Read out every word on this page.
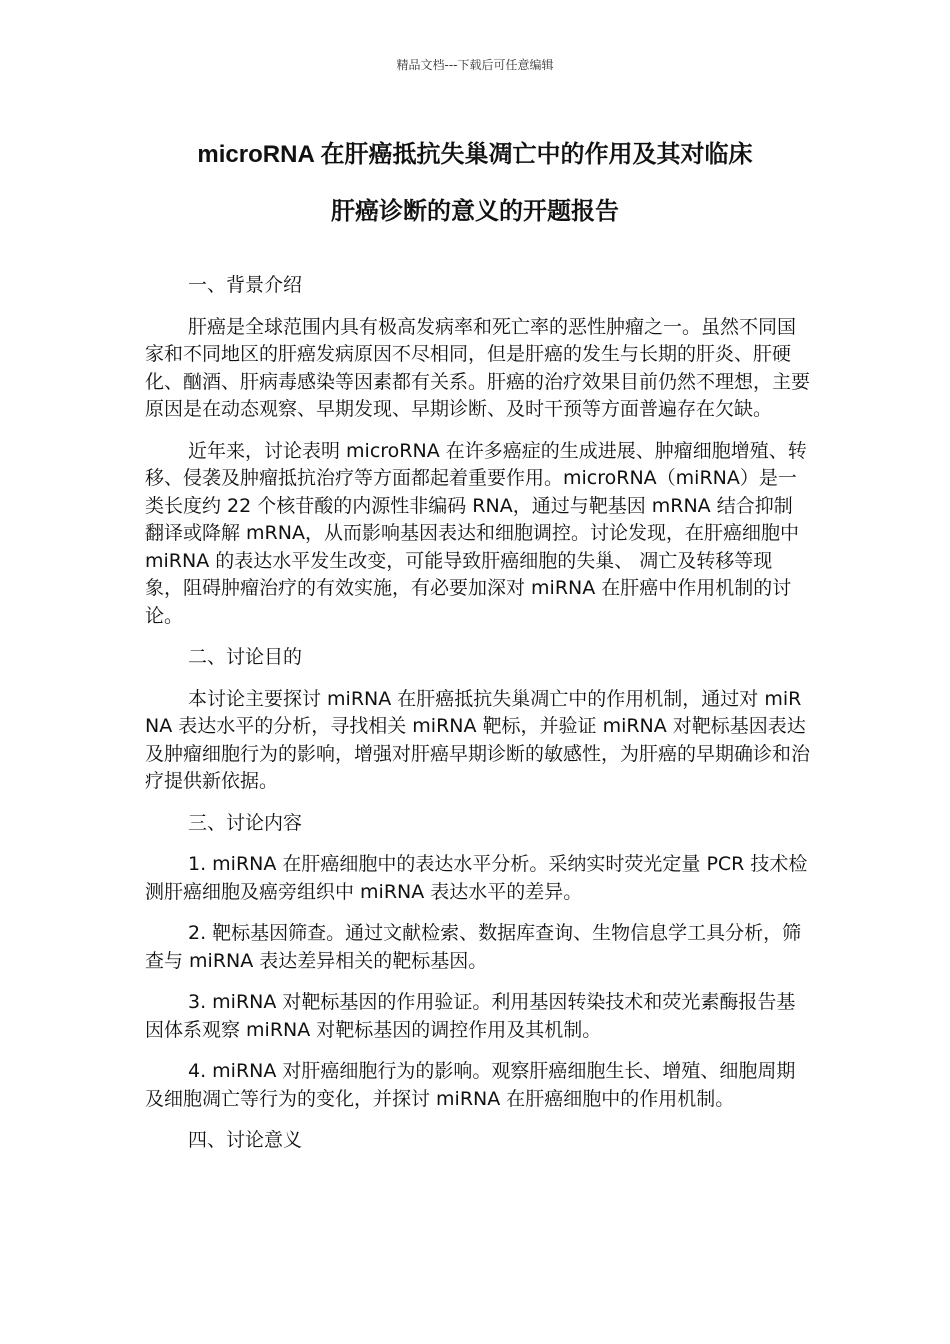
精品文档---下载后可任意编辑
microRNA 在肝癌抵抗失巢凋亡中的作用及其对临床
肝癌诊断的意义的开题报告

一、背景介绍

肝癌是全球范围内具有极高发病率和死亡率的恶性肿瘤之一。虽然不同国家和不同地区的肝癌发病原因不尽相同，但是肝癌的发生与长期的肝炎、肝硬化、酗酒、肝病毒感染等因素都有关系。肝癌的治疗效果目前仍然不理想，主要原因是在动态观察、早期发现、早期诊断、及时干预等方面普遍存在欠缺。

近年来，讨论表明 microRNA 在许多癌症的生成进展、肿瘤细胞增殖、转移、侵袭及肿瘤抵抗治疗等方面都起着重要作用。microRNA（miRNA）是一类长度约 22 个核苷酸的内源性非编码 RNA，通过与靶基因 mRNA 结合抑制翻译或降解 mRNA，从而影响基因表达和细胞调控。讨论发现，在肝癌细胞中 miRNA 的表达水平发生改变，可能导致肝癌细胞的失巢、 凋亡及转移等现象，阻碍肿瘤治疗的有效实施，有必要加深对 miRNA 在肝癌中作用机制的讨论。

二、讨论目的

本讨论主要探讨 miRNA 在肝癌抵抗失巢凋亡中的作用机制，通过对 miRNA 表达水平的分析，寻找相关 miRNA 靶标，并验证 miRNA 对靶标基因表达及肿瘤细胞行为的影响，增强对肝癌早期诊断的敏感性，为肝癌的早期确诊和治疗提供新依据。

三、讨论内容

1. miRNA 在肝癌细胞中的表达水平分析。采纳实时荧光定量 PCR 技术检测肝癌细胞及癌旁组织中 miRNA 表达水平的差异。

2. 靶标基因筛查。通过文献检索、数据库查询、生物信息学工具分析，筛查与 miRNA 表达差异相关的靶标基因。

3. miRNA 对靶标基因的作用验证。利用基因转染技术和荧光素酶报告基因体系观察 miRNA 对靶标基因的调控作用及其机制。

4. miRNA 对肝癌细胞行为的影响。观察肝癌细胞生长、增殖、细胞周期及细胞凋亡等行为的变化，并探讨 miRNA 在肝癌细胞中的作用机制。

四、讨论意义
